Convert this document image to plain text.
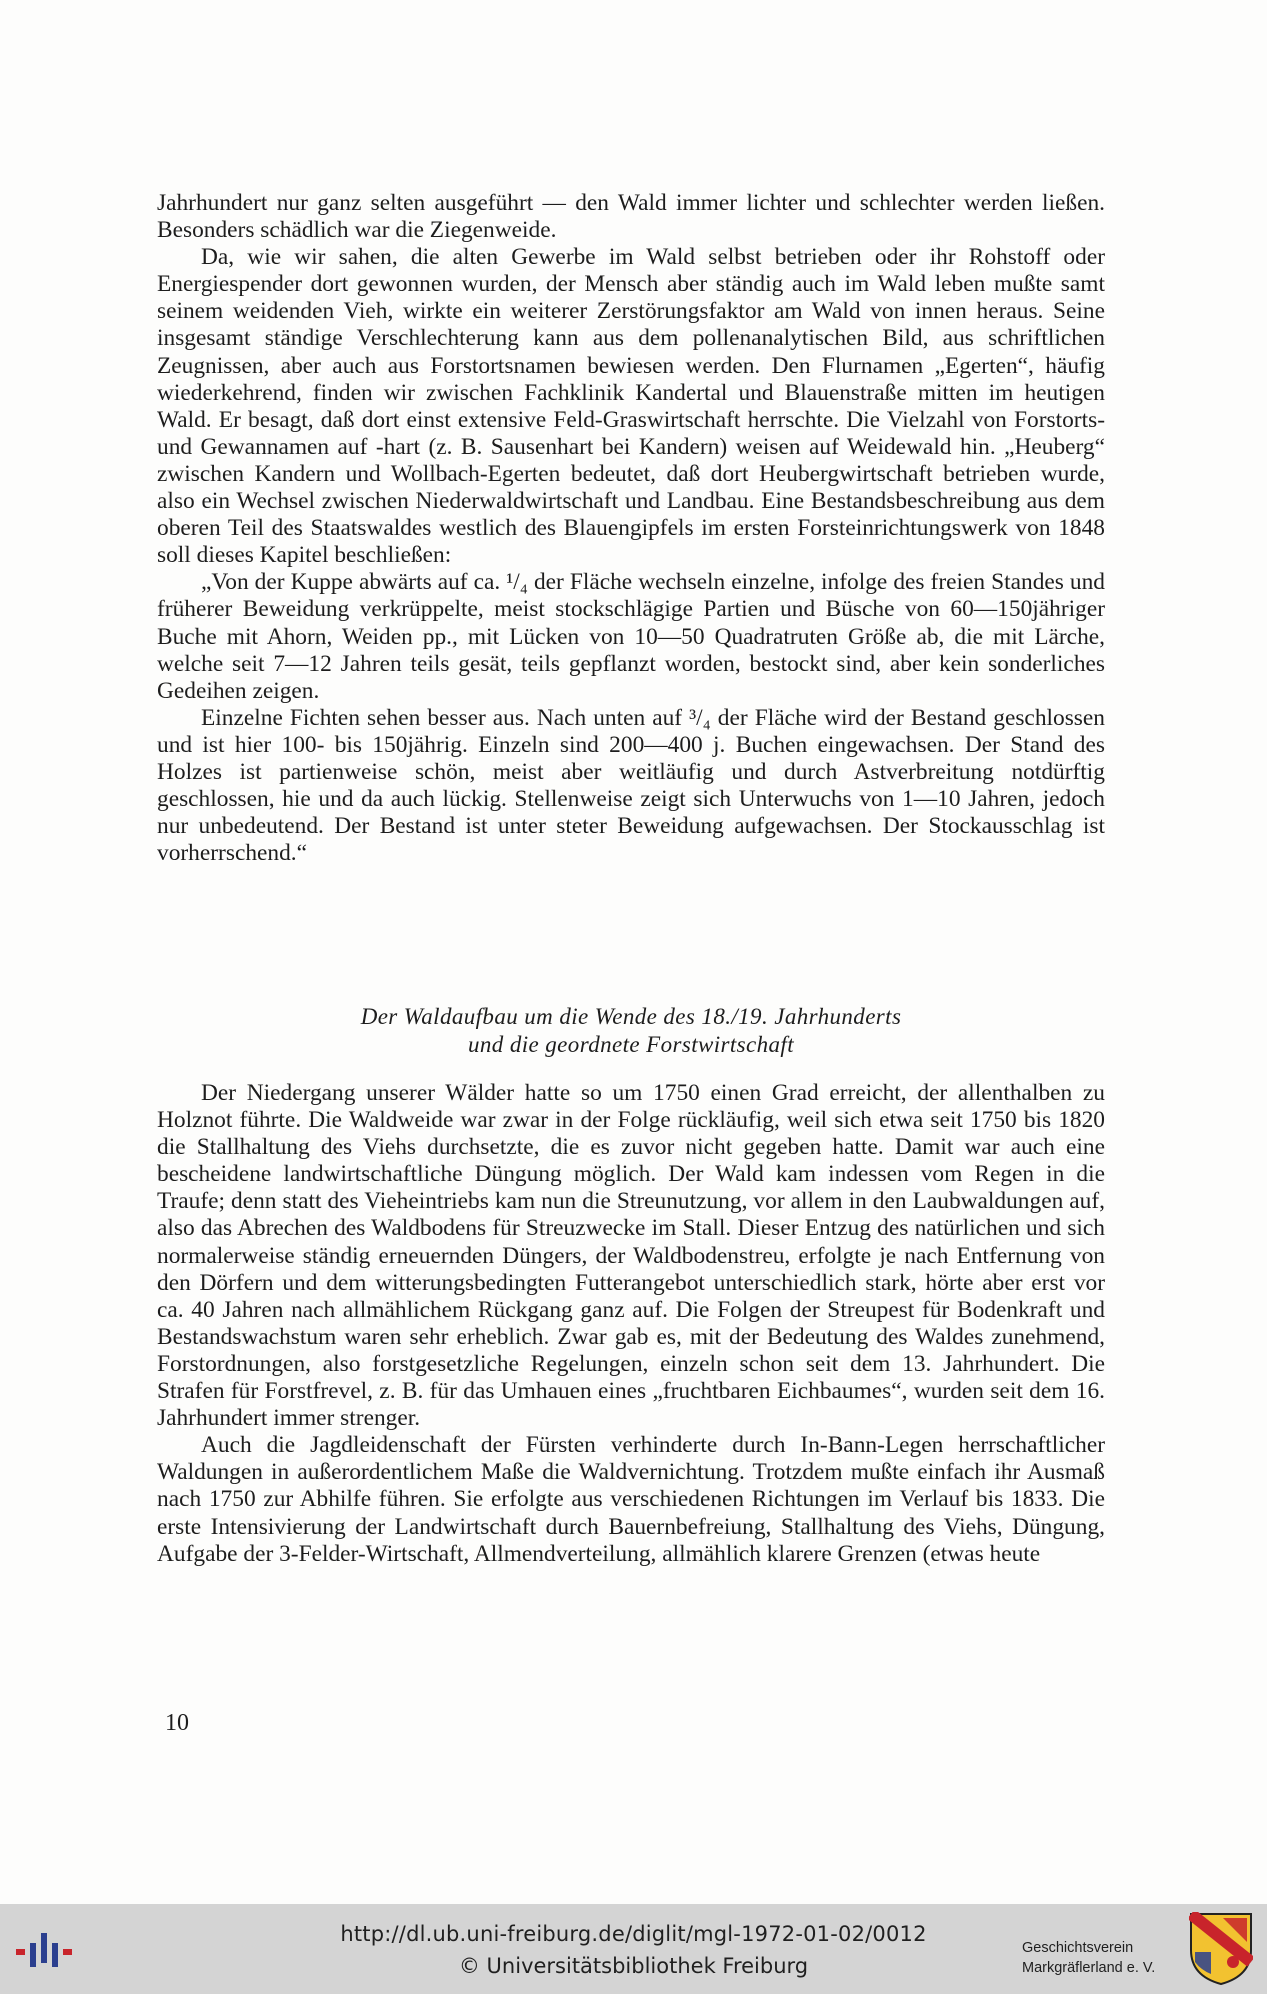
Jahrhundert nur ganz selten ausgeführt — den Wald immer lichter und schlechter werden ließen. Besonders schädlich war die Ziegenweide.

Da, wie wir sahen, die alten Gewerbe im Wald selbst betrieben oder ihr Rohstoff oder Energiespender dort gewonnen wurden, der Mensch aber ständig auch im Wald leben mußte samt seinem weidenden Vieh, wirkte ein weiterer Zerstörungsfaktor am Wald von innen heraus. Seine insgesamt ständige Verschlechterung kann aus dem pollenanalytischen Bild, aus schriftlichen Zeugnissen, aber auch aus Forstortsnamen bewiesen werden. Den Flurnamen „Egerten“, häufig wiederkehrend, finden wir zwischen Fachklinik Kandertal und Blauenstraße mitten im heutigen Wald. Er besagt, daß dort einst extensive Feld-Graswirtschaft herrschte. Die Vielzahl von Forstorts- und Gewannamen auf -hart (z. B. Sausenhart bei Kandern) weisen auf Weidewald hin. „Heuberg“ zwischen Kandern und Wollbach-Egerten bedeutet, daß dort Heubergwirtschaft betrieben wurde, also ein Wechsel zwischen Niederwaldwirtschaft und Landbau. Eine Bestandsbeschreibung aus dem oberen Teil des Staatswaldes westlich des Blauengipfels im ersten Forsteinrichtungswerk von 1848 soll dieses Kapitel beschließen:

„Von der Kuppe abwärts auf ca. ¹/₄ der Fläche wechseln einzelne, infolge des freien Standes und früherer Beweidung verkrüppelte, meist stockschlägige Partien und Büsche von 60—150jähriger Buche mit Ahorn, Weiden pp., mit Lücken von 10—50 Quadratruten Größe ab, die mit Lärche, welche seit 7—12 Jahren teils gesät, teils gepflanzt worden, bestockt sind, aber kein sonderliches Gedeihen zeigen.

Einzelne Fichten sehen besser aus. Nach unten auf ³/₄ der Fläche wird der Bestand geschlossen und ist hier 100- bis 150jährig. Einzeln sind 200—400 j. Buchen eingewachsen. Der Stand des Holzes ist partienweise schön, meist aber weitläufig und durch Astverbreitung notdürftig geschlossen, hie und da auch lückig. Stellenweise zeigt sich Unterwuchs von 1—10 Jahren, jedoch nur unbedeutend. Der Bestand ist unter steter Beweidung aufgewachsen. Der Stockausschlag ist vorherrschend.“

Der Waldaufbau um die Wende des 18./19. Jahrhunderts
und die geordnete Forstwirtschaft

Der Niedergang unserer Wälder hatte so um 1750 einen Grad erreicht, der allenthalben zu Holznot führte. Die Waldweide war zwar in der Folge rückläufig, weil sich etwa seit 1750 bis 1820 die Stallhaltung des Viehs durchsetzte, die es zuvor nicht gegeben hatte. Damit war auch eine bescheidene landwirtschaftliche Düngung möglich. Der Wald kam indessen vom Regen in die Traufe; denn statt des Vieheintriebs kam nun die Streunutzung, vor allem in den Laubwaldungen auf, also das Abrechen des Waldbodens für Streuzwecke im Stall. Dieser Entzug des natürlichen und sich normalerweise ständig erneuernden Düngers, der Waldbodenstreu, erfolgte je nach Entfernung von den Dörfern und dem witterungsbedingten Futterangebot unterschiedlich stark, hörte aber erst vor ca. 40 Jahren nach allmählichem Rückgang ganz auf. Die Folgen der Streupest für Bodenkraft und Bestandswachstum waren sehr erheblich. Zwar gab es, mit der Bedeutung des Waldes zunehmend, Forstordnungen, also forstgesetzliche Regelungen, einzeln schon seit dem 13. Jahrhundert. Die Strafen für Forstfrevel, z. B. für das Umhauen eines „fruchtbaren Eichbaumes“, wurden seit dem 16. Jahrhundert immer strenger.

Auch die Jagdleidenschaft der Fürsten verhinderte durch In-Bann-Legen herrschaftlicher Waldungen in außerordentlichem Maße die Waldvernichtung. Trotzdem mußte einfach ihr Ausmaß nach 1750 zur Abhilfe führen. Sie erfolgte aus verschiedenen Richtungen im Verlauf bis 1833. Die erste Intensivierung der Landwirtschaft durch Bauernbefreiung, Stallhaltung des Viehs, Düngung, Aufgabe der 3-Felder-Wirtschaft, Allmendverteilung, allmählich klarere Grenzen (etwas heute

10
http://dl.ub.uni-freiburg.de/diglit/mgl-1972-01-02/0012
© Universitätsbibliothek Freiburg
Geschichtsverein
Markgräflerland e. V.
